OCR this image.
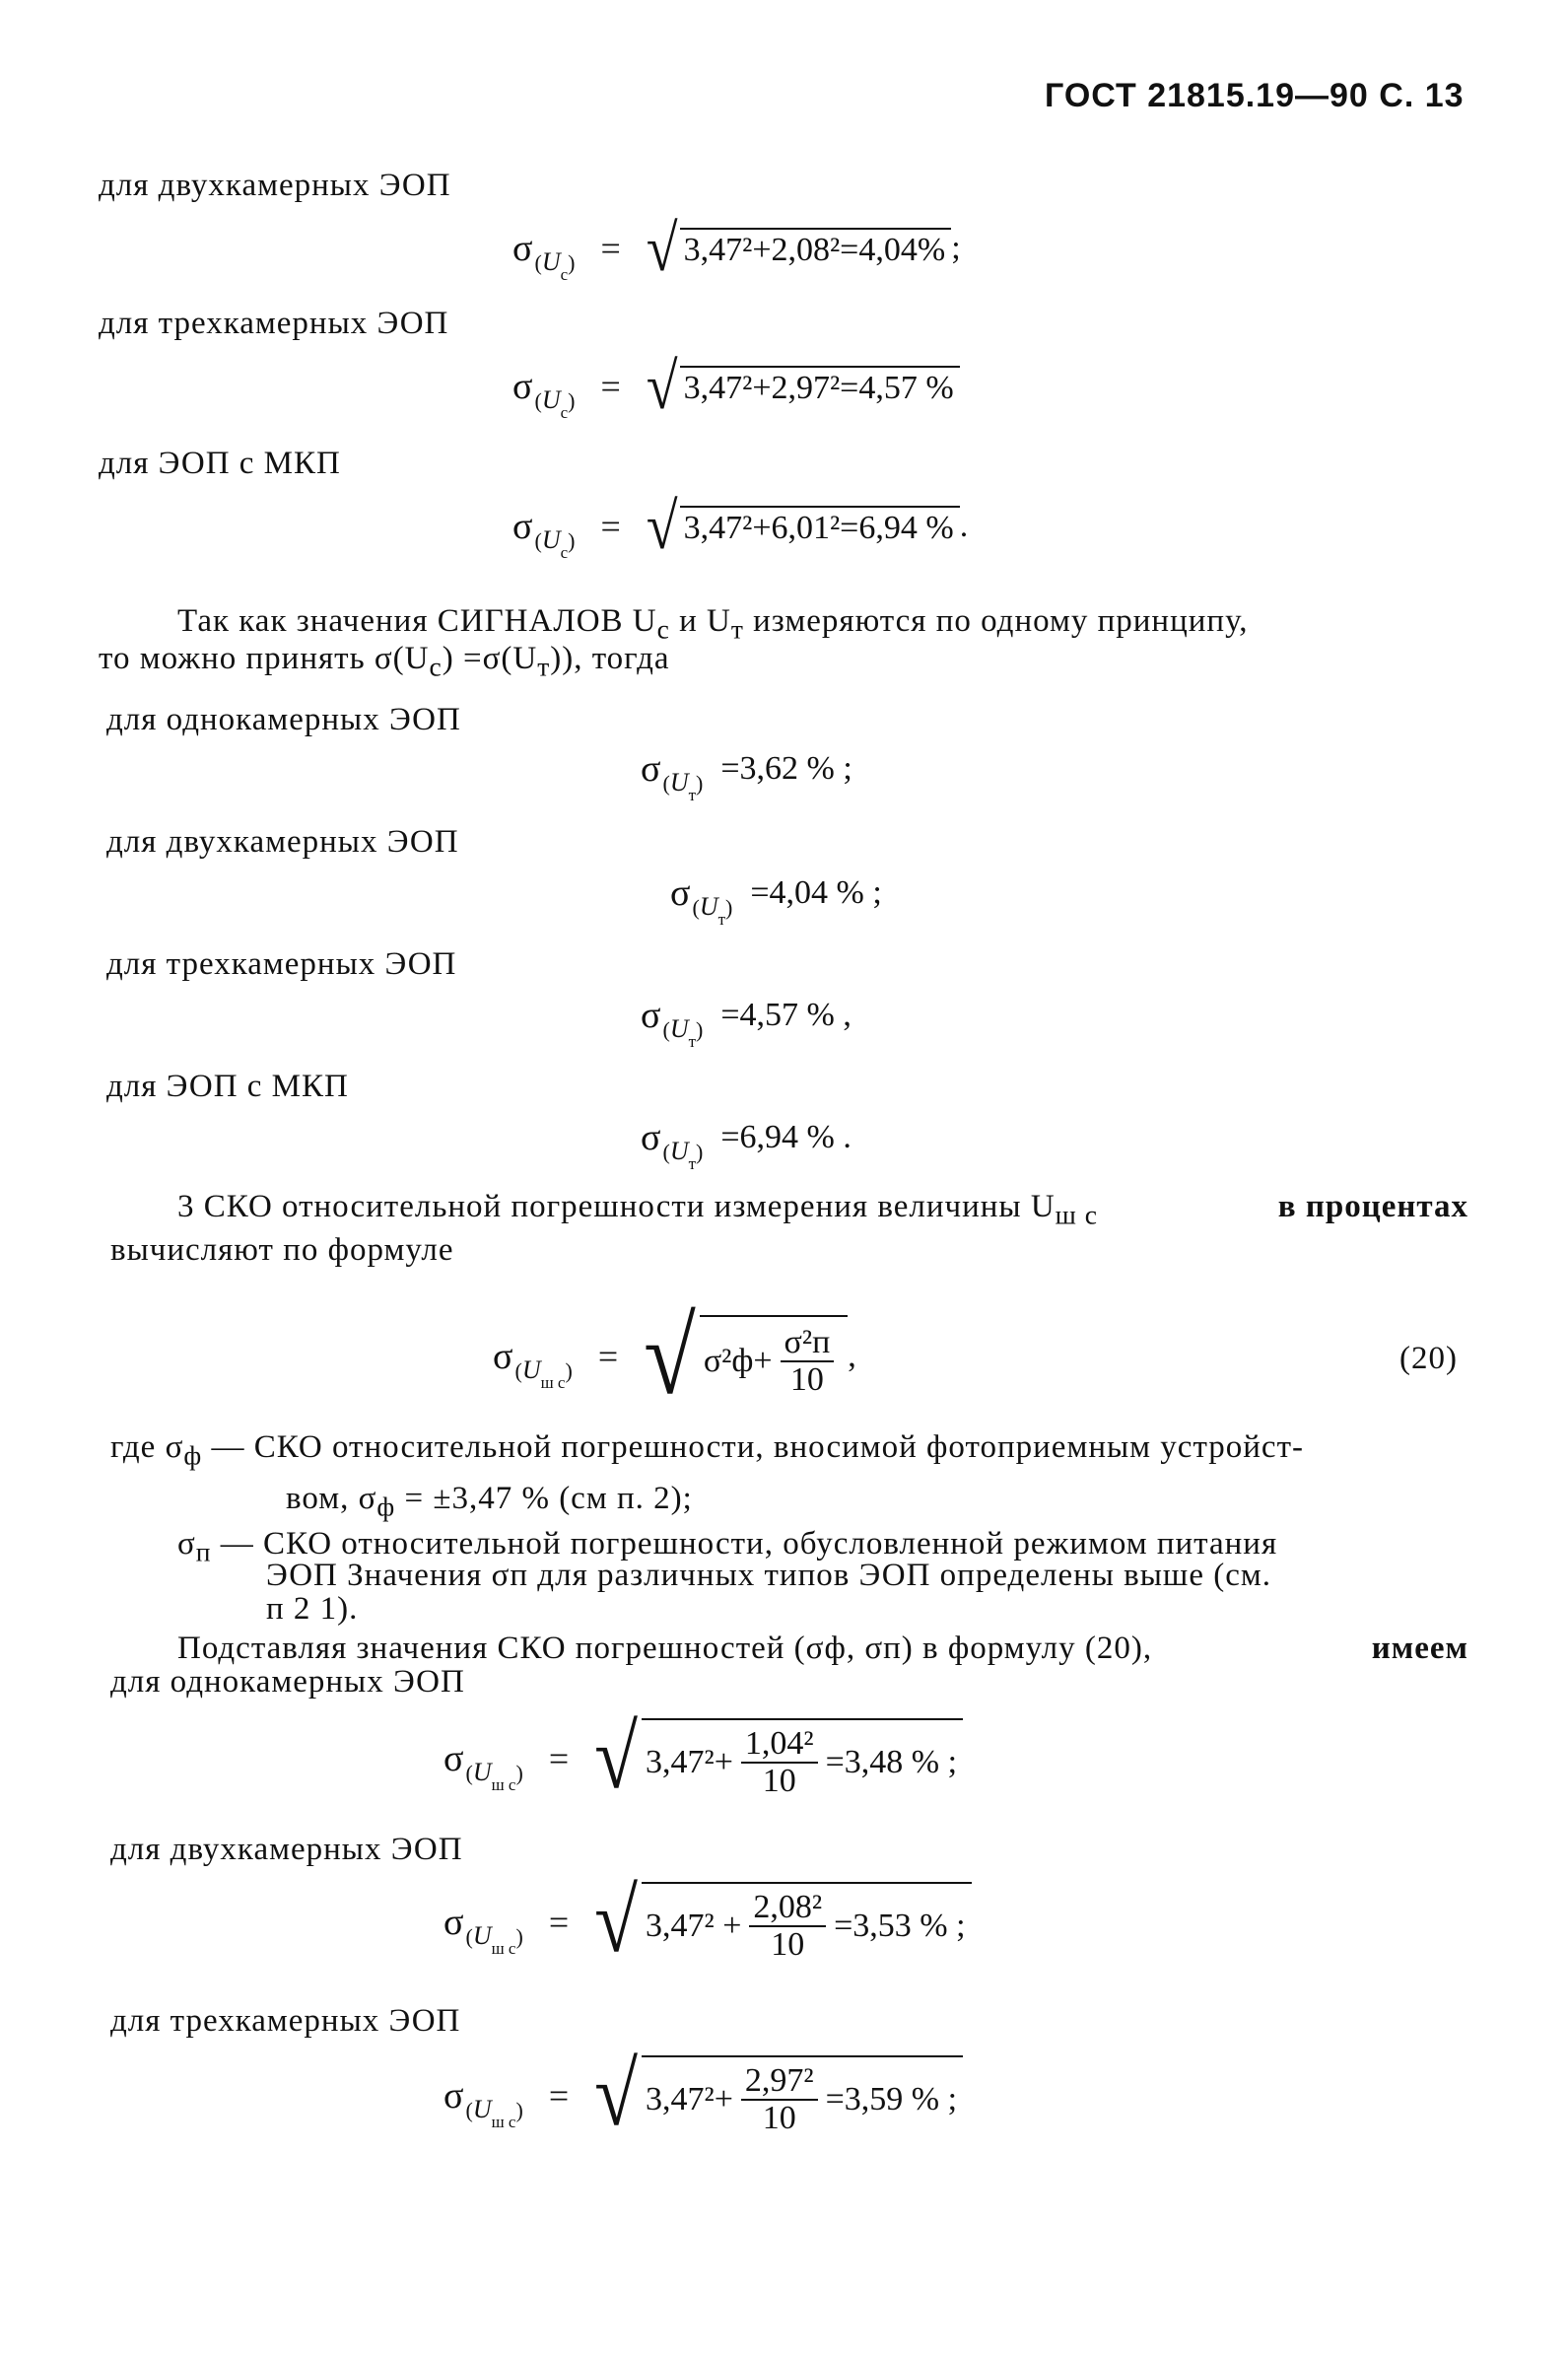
ГОСТ 21815.19—90 С. 13
для двухкамерных ЭОП
σ $(U_с)$ = √ 3,47²+2,08²=4,04% ;
для трехкамерных ЭОП
σ $(U_с)$ = √ 3,47²+2,97²=4,57 %
для ЭОП с МКП
σ $(U_с)$ = √ 3,47²+6,01²=6,94 % .
Так как значения СИГНАЛОВ $U_с$ и $U_т$ измеряются по одному принципу,
то можно принять $\sigma(U_с) =\sigma(U_т)$), тогда
для однокамерных ЭОП
σ $(U_т) =3,62$ % ;
для двухкамерных ЭОП
σ $(U_т) =4,04$ % ;
для трехкамерных ЭОП
σ $(U_т) =4,57$ % ,
для ЭОП с МКП
σ $(U_т) =6,94$ % .
3 СКО относительной погрешности измерения величины $U_{ш с}$	в процентах
вычисляют по формуле
σ $(U_{ш с})$ = √ $\sigma^2ф+ \frac{\text{σ²п}}{10}$ ,	(20)
где $\sigma_ф$ — СКО относительной погрешности, вносимой фотоприемным устройст-
вом, $\sigma_ф = \pm 3,47$ % (см п. 2);
$\sigma_п$ — СКО относительной погрешности, обусловленной режимом питания
ЭОП Значения σп для различных типов ЭОП определены выше (см.
п 2 1).
Подставляя значения СКО погрешностей (σф, σп) в формулу (20),	имеем
для однокамерных ЭОП
σ $(U_{ш с})$ = √ $3,47^2+ \frac{\text{1,04²}}{10} =3,48$ % ;
для двухкамерных ЭОП
σ $(U_{ш с})$ = √ $3,47^2 + \frac{\text{2,08²}}{10} =3,53$ % ;
для трехкамерных ЭОП
σ $(U_{ш с})$ = √ $3,47^2+ \frac{\text{2,97²}}{10} =3,59$ % ;
